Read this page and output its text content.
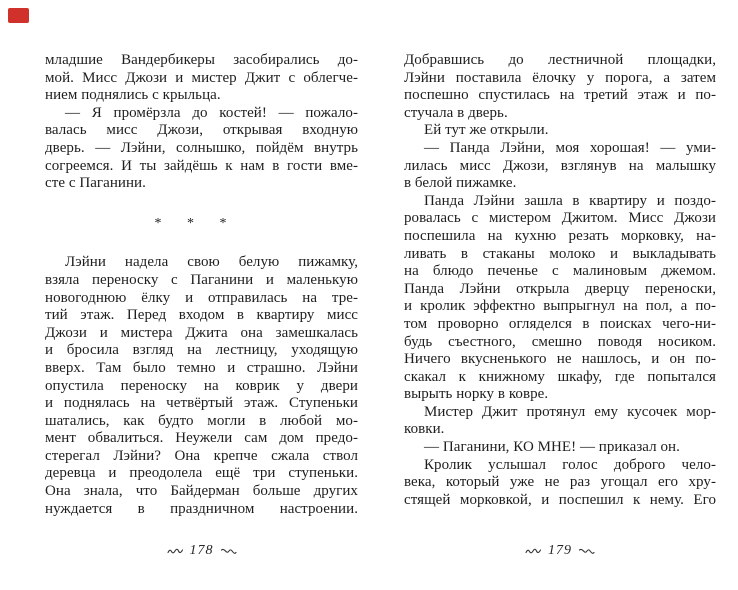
младшие Вандербикеры засобирались до-
мой. Мисс Джози и мистер Джит с облегче-
нием поднялись с крыльца.
— Я промёрзла до костей! — пожало-
валась мисс Джози, открывая входную
дверь. — Лэйни, солнышко, пойдём внутрь
согреемся. И ты зайдёшь к нам в гости вме-
сте с Паганини.
* * *
Лэйни надела свою белую пижамку,
взяла переноску с Паганини и маленькую
новогоднюю ёлку и отправилась на тре-
тий этаж. Перед входом в квартиру мисс
Джози и мистера Джита она замешкалась
и бросила взгляд на лестницу, уходящую
вверх. Там было темно и страшно. Лэйни
опустила переноску на коврик у двери
и поднялась на четвёртый этаж. Ступеньки
шатались, как будто могли в любой мо-
мент обвалиться. Неужели сам дом предо-
стерегал Лэйни? Она крепче сжала ствол
деревца и преодолела ещё три ступеньки.
Она знала, что Байдерман больше других
нуждается в праздничном настроении.
178
Добравшись до лестничной площадки,
Лэйни поставила ёлочку у порога, а затем
поспешно спустилась на третий этаж и по-
стучала в дверь.
Ей тут же открыли.
— Панда Лэйни, моя хорошая! — уми-
лилась мисс Джози, взглянув на малышку
в белой пижамке.
Панда Лэйни зашла в квартиру и поздо-
ровалась с мистером Джитом. Мисс Джози
поспешила на кухню резать морковку, на-
ливать в стаканы молоко и выкладывать
на блюдо печенье с малиновым джемом.
Панда Лэйни открыла дверцу переноски,
и кролик эффектно выпрыгнул на пол, а по-
том проворно огляделся в поисках чего-ни-
будь съестного, смешно поводя носиком.
Ничего вкусненького не нашлось, и он по-
скакал к книжному шкафу, где попытался
вырыть норку в ковре.
Мистер Джит протянул ему кусочек мор-
ковки.
— Паганини, КО МНЕ! — приказал он.
Кролик услышал голос доброго чело-
века, который уже не раз угощал его хру-
стящей морковкой, и поспешил к нему. Его
179
